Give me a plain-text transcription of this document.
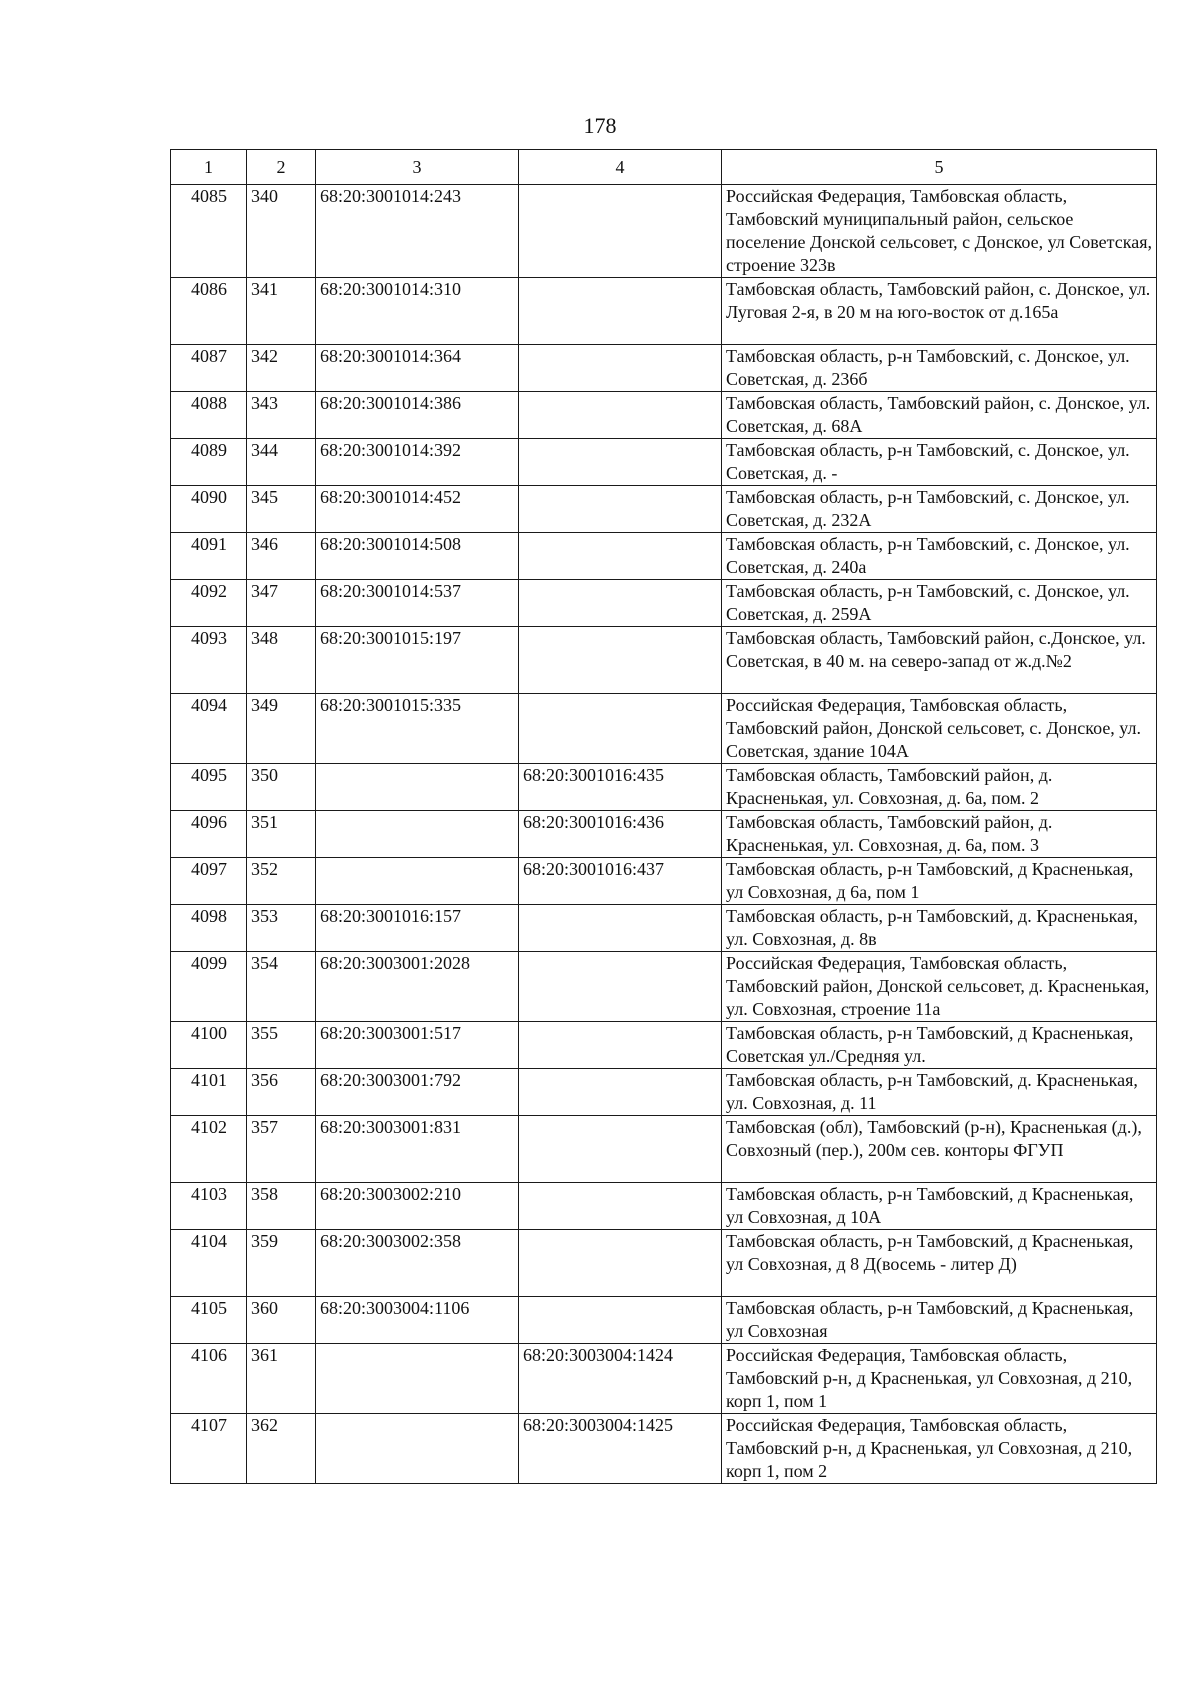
178
1	2	3	4	5
4085	340	68:20:3001014:243		Российская Федерация, Тамбовская область, Тамбовский муниципальный район, сельское поселение Донской сельсовет, с Донское, ул Советская, строение 323в
4086	341	68:20:3001014:310		Тамбовская область, Тамбовский район, с. Донское, ул. Луговая 2-я, в 20 м на юго-восток от д.165а
4087	342	68:20:3001014:364		Тамбовская область, р-н Тамбовский, с. Донское, ул. Советская, д. 236б
4088	343	68:20:3001014:386		Тамбовская область, Тамбовский район, с. Донское, ул. Советская, д. 68А
4089	344	68:20:3001014:392		Тамбовская область, р-н Тамбовский, с. Донское, ул. Советская, д. -
4090	345	68:20:3001014:452		Тамбовская область, р-н Тамбовский, с. Донское, ул. Советская, д. 232А
4091	346	68:20:3001014:508		Тамбовская область, р-н Тамбовский, с. Донское, ул. Советская, д. 240а
4092	347	68:20:3001014:537		Тамбовская область, р-н Тамбовский, с. Донское, ул. Советская, д. 259А
4093	348	68:20:3001015:197		Тамбовская область, Тамбовский район, с.Донское, ул. Советская, в 40 м. на северо-запад от ж.д.№2
4094	349	68:20:3001015:335		Российская Федерация, Тамбовская область, Тамбовский район, Донской сельсовет, с. Донское, ул. Советская, здание 104А
4095	350		68:20:3001016:435	Тамбовская область, Тамбовский район, д. Красненькая, ул. Совхозная, д. 6а, пом. 2
4096	351		68:20:3001016:436	Тамбовская область, Тамбовский район, д. Красненькая, ул. Совхозная, д. 6а, пом. 3
4097	352		68:20:3001016:437	Тамбовская область, р-н Тамбовский, д Красненькая, ул Совхозная, д 6а, пом 1
4098	353	68:20:3001016:157		Тамбовская область, р-н Тамбовский, д. Красненькая, ул. Совхозная, д. 8в
4099	354	68:20:3003001:2028		Российская Федерация, Тамбовская область, Тамбовский район, Донской сельсовет, д. Красненькая, ул. Совхозная, строение 11а
4100	355	68:20:3003001:517		Тамбовская область, р-н Тамбовский, д Красненькая, Советская ул./Средняя ул.
4101	356	68:20:3003001:792		Тамбовская область, р-н Тамбовский, д. Красненькая, ул. Совхозная, д. 11
4102	357	68:20:3003001:831		Тамбовская (обл), Тамбовский (р-н), Красненькая (д.), Совхозный (пер.), 200м сев. конторы ФГУП
4103	358	68:20:3003002:210		Тамбовская область, р-н Тамбовский, д Красненькая, ул Совхозная, д 10А
4104	359	68:20:3003002:358		Тамбовская область, р-н Тамбовский, д Красненькая, ул Совхозная, д 8 Д(восемь - литер Д)
4105	360	68:20:3003004:1106		Тамбовская область, р-н Тамбовский, д Красненькая, ул Совхозная
4106	361		68:20:3003004:1424	Российская Федерация, Тамбовская область, Тамбовский р-н, д Красненькая, ул Совхозная, д 210, корп 1, пом 1
4107	362		68:20:3003004:1425	Российская Федерация, Тамбовская область, Тамбовский р-н, д Красненькая, ул Совхозная, д 210, корп 1, пом 2
